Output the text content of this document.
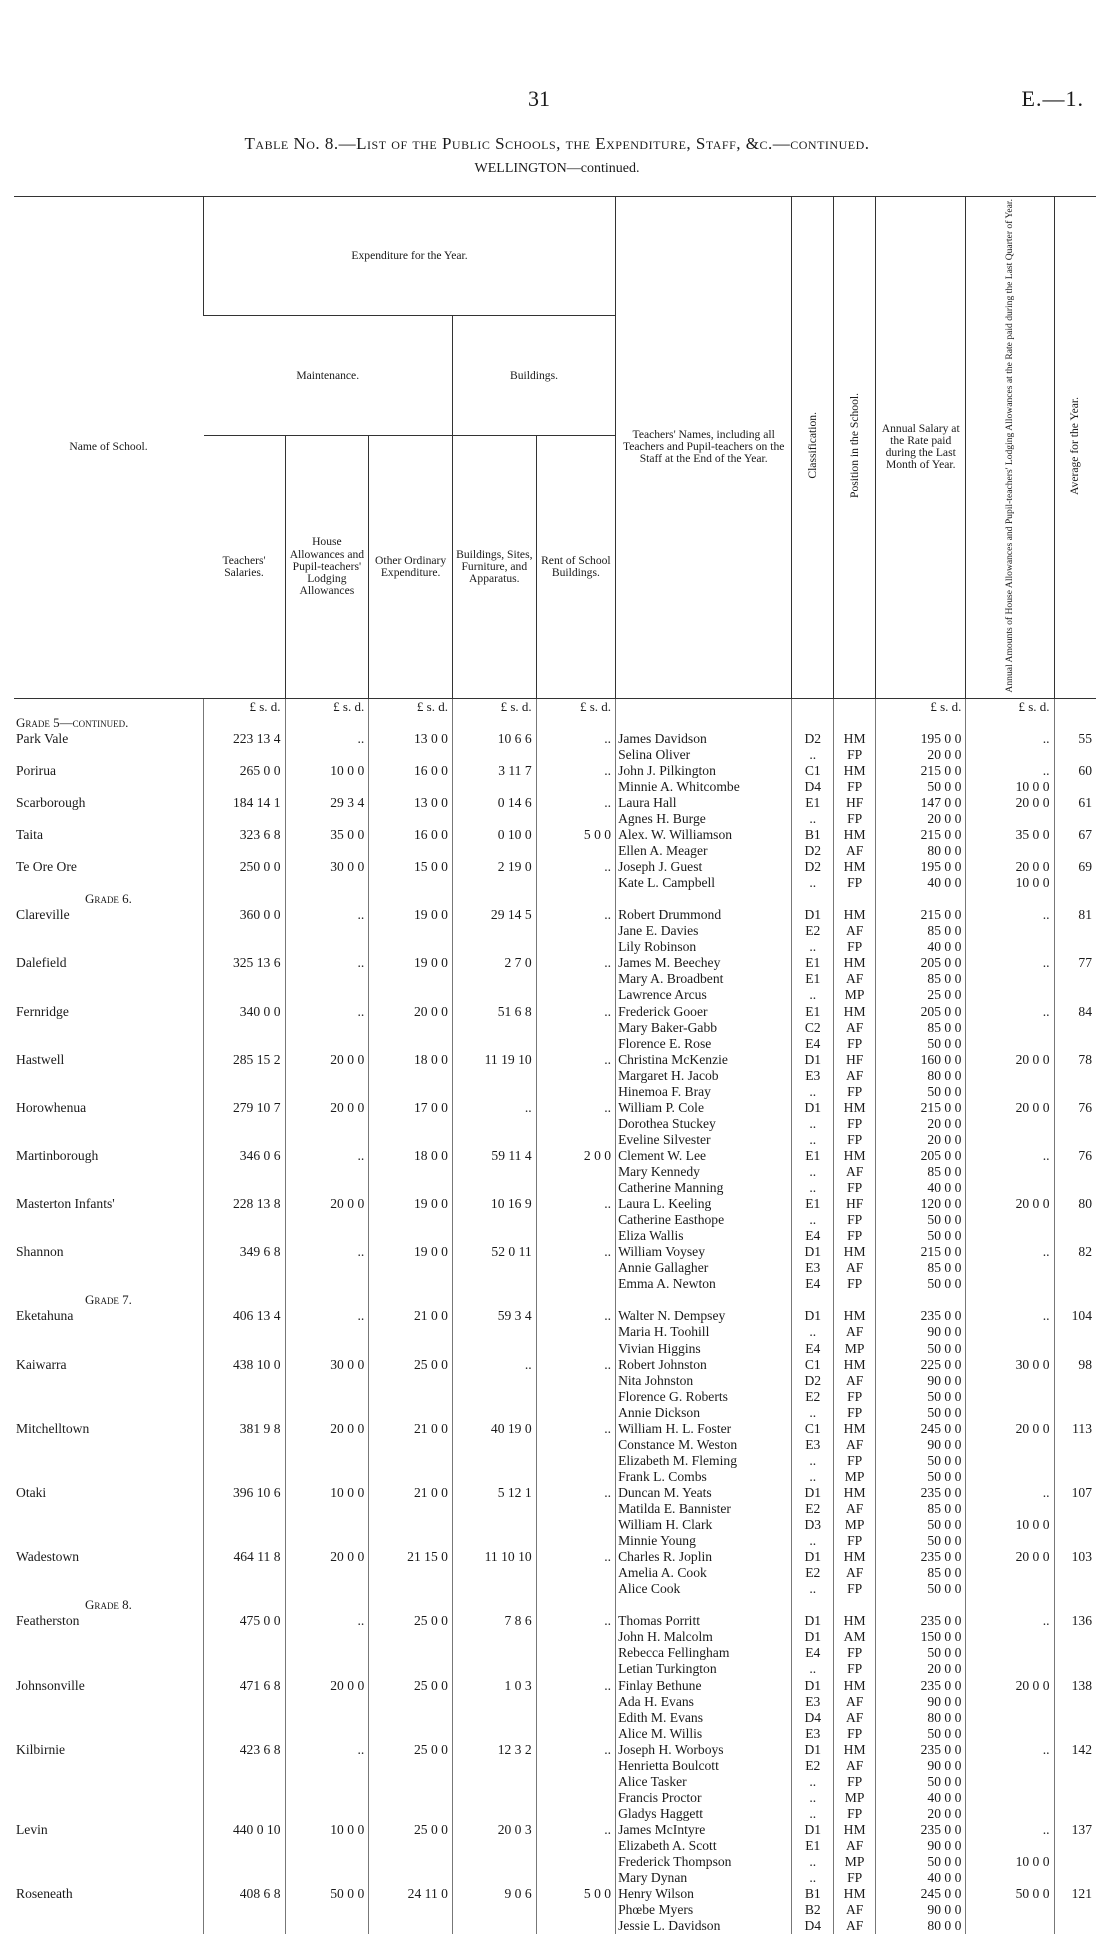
31	E.—1.
Table No. 8.—List of the Public Schools, the Expenditure, Staff, &c.—continued.
WELLINGTON—continued.
Name of School.	Expenditure for the Year.					Teachers' Names, including all Teachers and Pupil-teachers on the Staff at the End of the Year.	Classification.	Position in the School.	Annual Salary at the Rate paid during the Last Month of Year.	Annual Amounts of House Allowances and Pupil-teachers' Lodging Allowances at the Rate paid during the Last Quarter of Year.	Average for the Year.
	Maintenance.			Buildings.							
	Teachers' Salaries.	House Allowances and Pupil-teachers' Lodging Allowances	Other Ordinary Expenditure.	Buildings, Sites, Furniture, and Apparatus.	Rent of School Buildings.						
	£ s. d.	£ s. d.	£ s. d.	£ s. d.	£ s. d.				£ s. d.	£ s. d.	
Grade 5—continued.											
Park Vale	223 13 4	..	13 0 0	10 6 6	..	James Davidson	D2	HM	195 0 0	..	55
						Selina Oliver	..	FP	20 0 0		
Porirua	265 0 0	10 0 0	16 0 0	3 11 7	..	John J. Pilkington	C1	HM	215 0 0	..	60
						Minnie A. Whitcombe	D4	FP	50 0 0	10 0 0	
Scarborough	184 14 1	29 3 4	13 0 0	0 14 6	..	Laura Hall	E1	HF	147 0 0	20 0 0	61
						Agnes H. Burge	..	FP	20 0 0		
Taita	323 6 8	35 0 0	16 0 0	0 10 0	5 0 0	Alex. W. Williamson	B1	HM	215 0 0	35 0 0	67
						Ellen A. Meager	D2	AF	80 0 0		
Te Ore Ore	250 0 0	30 0 0	15 0 0	2 19 0	..	Joseph J. Guest	D2	HM	195 0 0	20 0 0	69
						Kate L. Campbell	..	FP	40 0 0	10 0 0	
Grade 6.											
Clareville	360 0 0	..	19 0 0	29 14 5	..	Robert Drummond	D1	HM	215 0 0	..	81
						Jane E. Davies	E2	AF	85 0 0		
						Lily Robinson	..	FP	40 0 0		
Dalefield	325 13 6	..	19 0 0	2 7 0	..	James M. Beechey	E1	HM	205 0 0	..	77
						Mary A. Broadbent	E1	AF	85 0 0		
						Lawrence Arcus	..	MP	25 0 0		
Fernridge	340 0 0	..	20 0 0	51 6 8	..	Frederick Gooer	E1	HM	205 0 0	..	84
						Mary Baker-Gabb	C2	AF	85 0 0		
						Florence E. Rose	E4	FP	50 0 0		
Hastwell	285 15 2	20 0 0	18 0 0	11 19 10	..	Christina McKenzie	D1	HF	160 0 0	20 0 0	78
						Margaret H. Jacob	E3	AF	80 0 0		
						Hinemoa F. Bray	..	FP	50 0 0		
Horowhenua	279 10 7	20 0 0	17 0 0	..	..	William P. Cole	D1	HM	215 0 0	20 0 0	76
						Dorothea Stuckey	..	FP	20 0 0		
						Eveline Silvester	..	FP	20 0 0		
Martinborough	346 0 6	..	18 0 0	59 11 4	2 0 0	Clement W. Lee	E1	HM	205 0 0	..	76
						Mary Kennedy	..	AF	85 0 0		
						Catherine Manning	..	FP	40 0 0		
Masterton Infants'	228 13 8	20 0 0	19 0 0	10 16 9	..	Laura L. Keeling	E1	HF	120 0 0	20 0 0	80
						Catherine Easthope	..	FP	50 0 0		
						Eliza Wallis	E4	FP	50 0 0		
Shannon	349 6 8	..	19 0 0	52 0 11	..	William Voysey	D1	HM	215 0 0	..	82
						Annie Gallagher	E3	AF	85 0 0		
						Emma A. Newton	E4	FP	50 0 0		
Grade 7.											
Eketahuna	406 13 4	..	21 0 0	59 3 4	..	Walter N. Dempsey	D1	HM	235 0 0	..	104
						Maria H. Toohill	..	AF	90 0 0		
						Vivian Higgins	E4	MP	50 0 0		
Kaiwarra	438 10 0	30 0 0	25 0 0	..	..	Robert Johnston	C1	HM	225 0 0	30 0 0	98
						Nita Johnston	D2	AF	90 0 0		
						Florence G. Roberts	E2	FP	50 0 0		
						Annie Dickson	..	FP	50 0 0		
Mitchelltown	381 9 8	20 0 0	21 0 0	40 19 0	..	William H. L. Foster	C1	HM	245 0 0	20 0 0	113
						Constance M. Weston	E3	AF	90 0 0		
						Elizabeth M. Fleming	..	FP	50 0 0		
						Frank L. Combs	..	MP	50 0 0		
Otaki	396 10 6	10 0 0	21 0 0	5 12 1	..	Duncan M. Yeats	D1	HM	235 0 0	..	107
						Matilda E. Bannister	E2	AF	85 0 0		
						William H. Clark	D3	MP	50 0 0	10 0 0	
						Minnie Young	..	FP	50 0 0		
Wadestown	464 11 8	20 0 0	21 15 0	11 10 10	..	Charles R. Joplin	D1	HM	235 0 0	20 0 0	103
						Amelia A. Cook	E2	AF	85 0 0		
						Alice Cook	..	FP	50 0 0		
Grade 8.											
Featherston	475 0 0	..	25 0 0	7 8 6	..	Thomas Porritt	D1	HM	235 0 0	..	136
						John H. Malcolm	D1	AM	150 0 0		
						Rebecca Fellingham	E4	FP	50 0 0		
						Letian Turkington	..	FP	20 0 0		
Johnsonville	471 6 8	20 0 0	25 0 0	1 0 3	..	Finlay Bethune	D1	HM	235 0 0	20 0 0	138
						Ada H. Evans	E3	AF	90 0 0		
						Edith M. Evans	D4	AF	80 0 0		
						Alice M. Willis	E3	FP	50 0 0		
Kilbirnie	423 6 8	..	25 0 0	12 3 2	..	Joseph H. Worboys	D1	HM	235 0 0	..	142
						Henrietta Boulcott	E2	AF	90 0 0		
						Alice Tasker	..	FP	50 0 0		
						Francis Proctor	..	MP	40 0 0		
						Gladys Haggett	..	FP	20 0 0		
Levin	440 0 10	10 0 0	25 0 0	20 0 3	..	James McIntyre	D1	HM	235 0 0	..	137
						Elizabeth A. Scott	E1	AF	90 0 0		
						Frederick Thompson	..	MP	50 0 0	10 0 0	
						Mary Dynan	..	FP	40 0 0		
Roseneath	408 6 8	50 0 0	24 11 0	9 0 6	5 0 0	Henry Wilson	B1	HM	245 0 0	50 0 0	121
						Phœbe Myers	B2	AF	90 0 0		
						Jessie L. Davidson	D4	AF	80 0 0		
